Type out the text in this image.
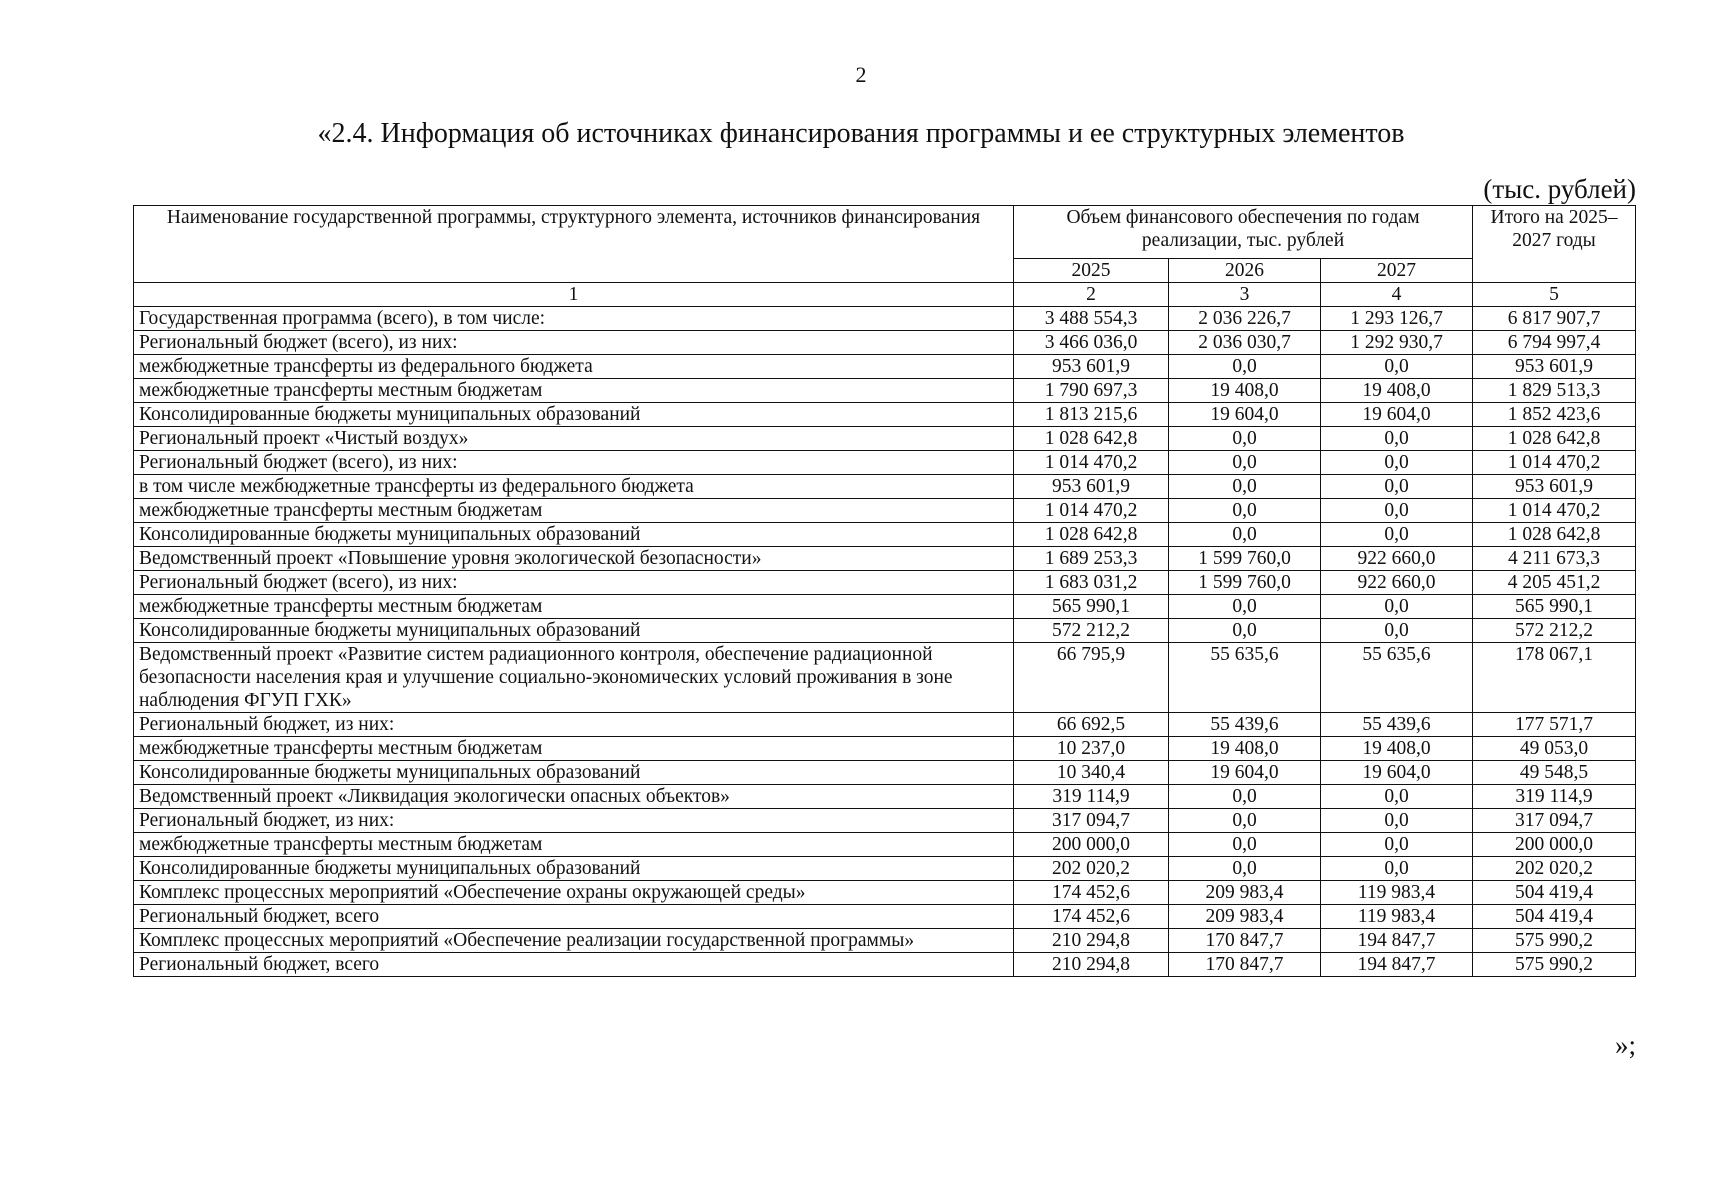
2
«2.4. Информация об источниках финансирования программы и ее структурных элементов
(тыс. рублей)
Наименование государственной программы, структурного элемента, источников финансирования	Объем финансового обеспечения по годам реализации, тыс. рублей			Итого на 2025–2027 годы
	2025	2026	2027	
1	2	3	4	5
Государственная программа (всего), в том числе:	3 488 554,3	2 036 226,7	1 293 126,7	6 817 907,7
Региональный бюджет (всего), из них:	3 466 036,0	2 036 030,7	1 292 930,7	6 794 997,4
межбюджетные трансферты из федерального бюджета	953 601,9	0,0	0,0	953 601,9
межбюджетные трансферты местным бюджетам	1 790 697,3	19 408,0	19 408,0	1 829 513,3
Консолидированные бюджеты муниципальных образований	1 813 215,6	19 604,0	19 604,0	1 852 423,6
Региональный проект «Чистый воздух»	1 028 642,8	0,0	0,0	1 028 642,8
Региональный бюджет (всего), из них:	1 014 470,2	0,0	0,0	1 014 470,2
в том числе межбюджетные трансферты из федерального бюджета	953 601,9	0,0	0,0	953 601,9
межбюджетные трансферты местным бюджетам	1 014 470,2	0,0	0,0	1 014 470,2
Консолидированные бюджеты муниципальных образований	1 028 642,8	0,0	0,0	1 028 642,8
Ведомственный проект «Повышение уровня экологической безопасности»	1 689 253,3	1 599 760,0	922 660,0	4 211 673,3
Региональный бюджет (всего), из них:	1 683 031,2	1 599 760,0	922 660,0	4 205 451,2
межбюджетные трансферты местным бюджетам	565 990,1	0,0	0,0	565 990,1
Консолидированные бюджеты муниципальных образований	572 212,2	0,0	0,0	572 212,2
Ведомственный проект «Развитие систем радиационного контроля, обеспечение радиационной безопасности населения края и улучшение социально-экономических условий проживания в зоне наблюдения ФГУП ГХК»	66 795,9	55 635,6	55 635,6	178 067,1
Региональный бюджет, из них:	66 692,5	55 439,6	55 439,6	177 571,7
межбюджетные трансферты местным бюджетам	10 237,0	19 408,0	19 408,0	49 053,0
Консолидированные бюджеты муниципальных образований	10 340,4	19 604,0	19 604,0	49 548,5
Ведомственный проект «Ликвидация экологически опасных объектов»	319 114,9	0,0	0,0	319 114,9
Региональный бюджет, из них:	317 094,7	0,0	0,0	317 094,7
межбюджетные трансферты местным бюджетам	200 000,0	0,0	0,0	200 000,0
Консолидированные бюджеты муниципальных образований	202 020,2	0,0	0,0	202 020,2
Комплекс процессных мероприятий «Обеспечение охраны окружающей среды»	174 452,6	209 983,4	119 983,4	504 419,4
Региональный бюджет, всего	174 452,6	209 983,4	119 983,4	504 419,4
Комплекс процессных мероприятий «Обеспечение реализации государственной программы»	210 294,8	170 847,7	194 847,7	575 990,2
Региональный бюджет, всего	210 294,8	170 847,7	194 847,7	575 990,2
»;
